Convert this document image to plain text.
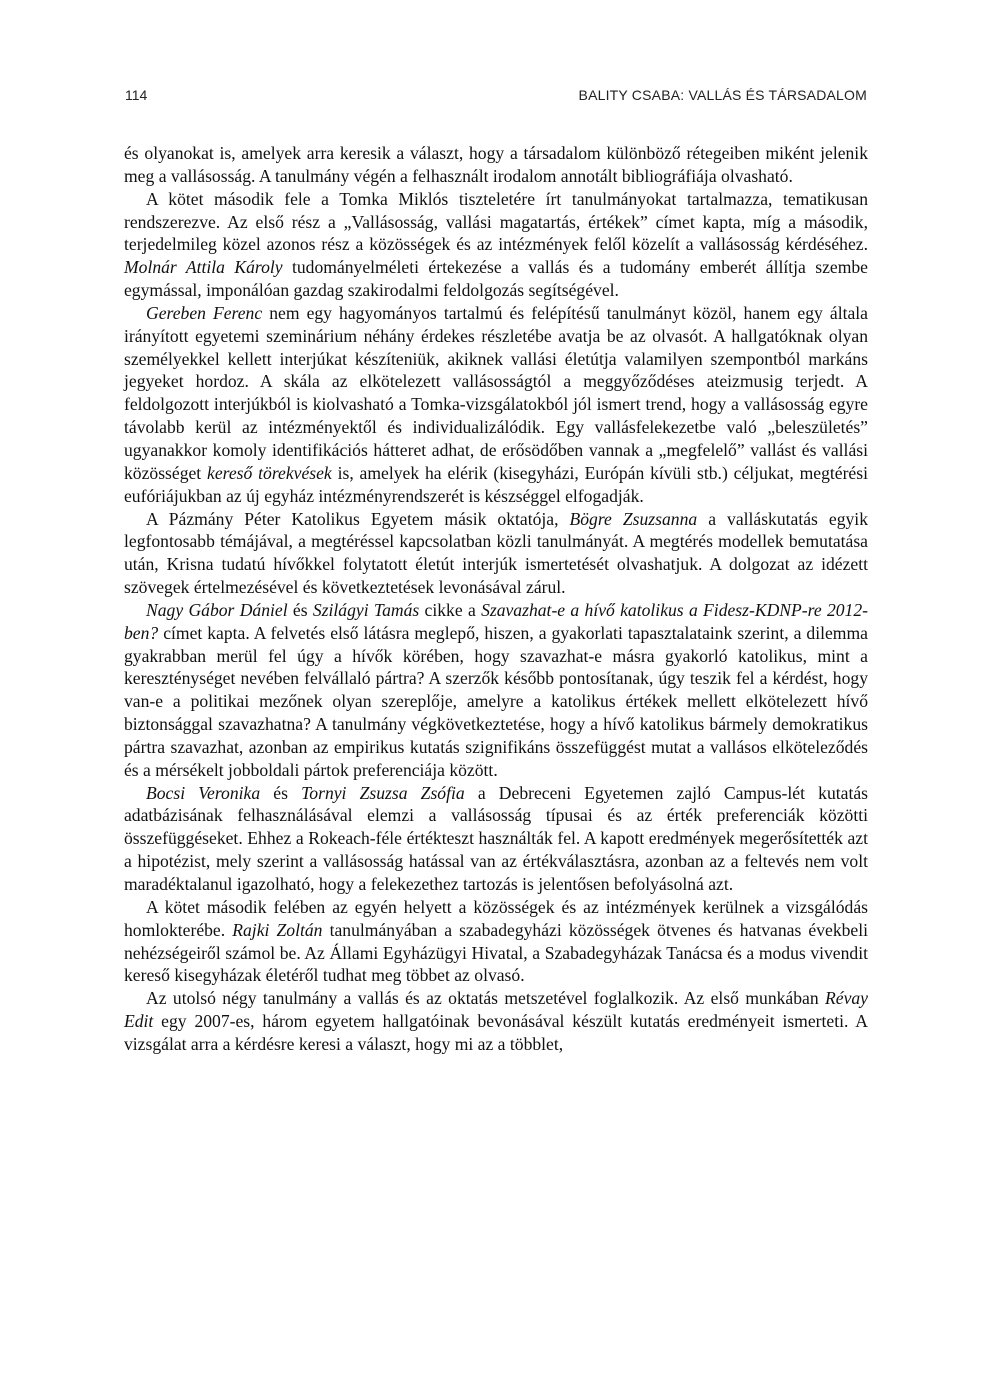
114	BALITY CSABA: VALLÁS ÉS TÁRSADALOM

és olyanokat is, amelyek arra keresik a választ, hogy a társadalom különböző rétegeiben miként jelenik meg a vallásosság. A tanulmány végén a felhasznált irodalom annotált bibliográfiája olvasható.

A kötet második fele a Tomka Miklós tiszteletére írt tanulmányokat tartalmazza, tematikusan rendszerezve. Az első rész a „Vallásosság, vallási magatartás, értékek” címet kapta, míg a második, terjedelmileg közel azonos rész a közösségek és az intézmények felől közelít a vallásosság kérdéséhez. Molnár Attila Károly tudományelméleti értekezése a vallás és a tudomány emberét állítja szembe egymással, imponálóan gazdag szakirodalmi feldolgozás segítségével.

Gereben Ferenc nem egy hagyományos tartalmú és felépítésű tanulmányt közöl, hanem egy általa irányított egyetemi szeminárium néhány érdekes részletébe avatja be az olvasót. A hallgatóknak olyan személyekkel kellett interjúkat készíteniük, akiknek vallási életútja valamilyen szempontból markáns jegyeket hordoz. A skála az elkötelezett vallásosságtól a meggyőződéses ateizmusig terjedt. A feldolgozott interjúkból is kiolvasható a Tomka-vizsgálatokból jól ismert trend, hogy a vallásosság egyre távolabb kerül az intézményektől és individualizálódik. Egy vallásfelekezetbe való „beleszületés” ugyanakkor komoly identifikációs hátteret adhat, de erősödőben vannak a „megfelelő” vallást és vallási közösséget kereső törekvések is, amelyek ha elérik (kisegyházi, Európán kívüli stb.) céljukat, megtérési eufóriájukban az új egyház intézményrendszerét is készséggel elfogadják.

A Pázmány Péter Katolikus Egyetem másik oktatója, Bögre Zsuzsanna a valláskutatás egyik legfontosabb témájával, a megtéréssel kapcsolatban közli tanulmányát. A megtérés modellek bemutatása után, Krisna tudatú hívőkkel folytatott életút interjúk ismertetését olvashatjuk. A dolgozat az idézett szövegek értelmezésével és következtetések levonásával zárul.

Nagy Gábor Dániel és Szilágyi Tamás cikke a Szavazhat-e a hívő katolikus a Fidesz-KDNP-re 2012-ben? címet kapta. A felvetés első látásra meglepő, hiszen, a gyakorlati tapasztalataink szerint, a dilemma gyakrabban merül fel úgy a hívők körében, hogy szavazhat-e másra gyakorló katolikus, mint a kereszténységet nevében felvállaló pártra? A szerzők később pontosítanak, úgy teszik fel a kérdést, hogy van-e a politikai mezőnek olyan szereplője, amelyre a katolikus értékek mellett elkötelezett hívő biztonsággal szavazhatna? A tanulmány végkövetkeztetése, hogy a hívő katolikus bármely demokratikus pártra szavazhat, azonban az empirikus kutatás szignifikáns összefüggést mutat a vallásos elköteleződés és a mérsékelt jobboldali pártok preferenciája között.

Bocsi Veronika és Tornyi Zsuzsa Zsófia a Debreceni Egyetemen zajló Campus-lét kutatás adatbázisának felhasználásával elemzi a vallásosság típusai és az érték preferenciák közötti összefüggéseket. Ehhez a Rokeach-féle értékteszt használták fel. A kapott eredmények megerősítették azt a hipotézist, mely szerint a vallásosság hatással van az értékválasztásra, azonban az a feltevés nem volt maradéktalanul igazolható, hogy a felekezethez tartozás is jelentősen befolyásolná azt.

A kötet második felében az egyén helyett a közösségek és az intézmények kerülnek a vizsgálódás homlokterébe. Rajki Zoltán tanulmányában a szabadegyházi közösségek ötvenes és hatvanas évekbeli nehézségeiről számol be. Az Állami Egyházügyi Hivatal, a Szabadegyházak Tanácsa és a modus vivendit kereső kisegyházak életéről tudhat meg többet az olvasó.

Az utolsó négy tanulmány a vallás és az oktatás metszetével foglalkozik. Az első munkában Révay Edit egy 2007-es, három egyetem hallgatóinak bevonásával készült kutatás eredményeit ismerteti. A vizsgálat arra a kérdésre keresi a választ, hogy mi az a többlet,
